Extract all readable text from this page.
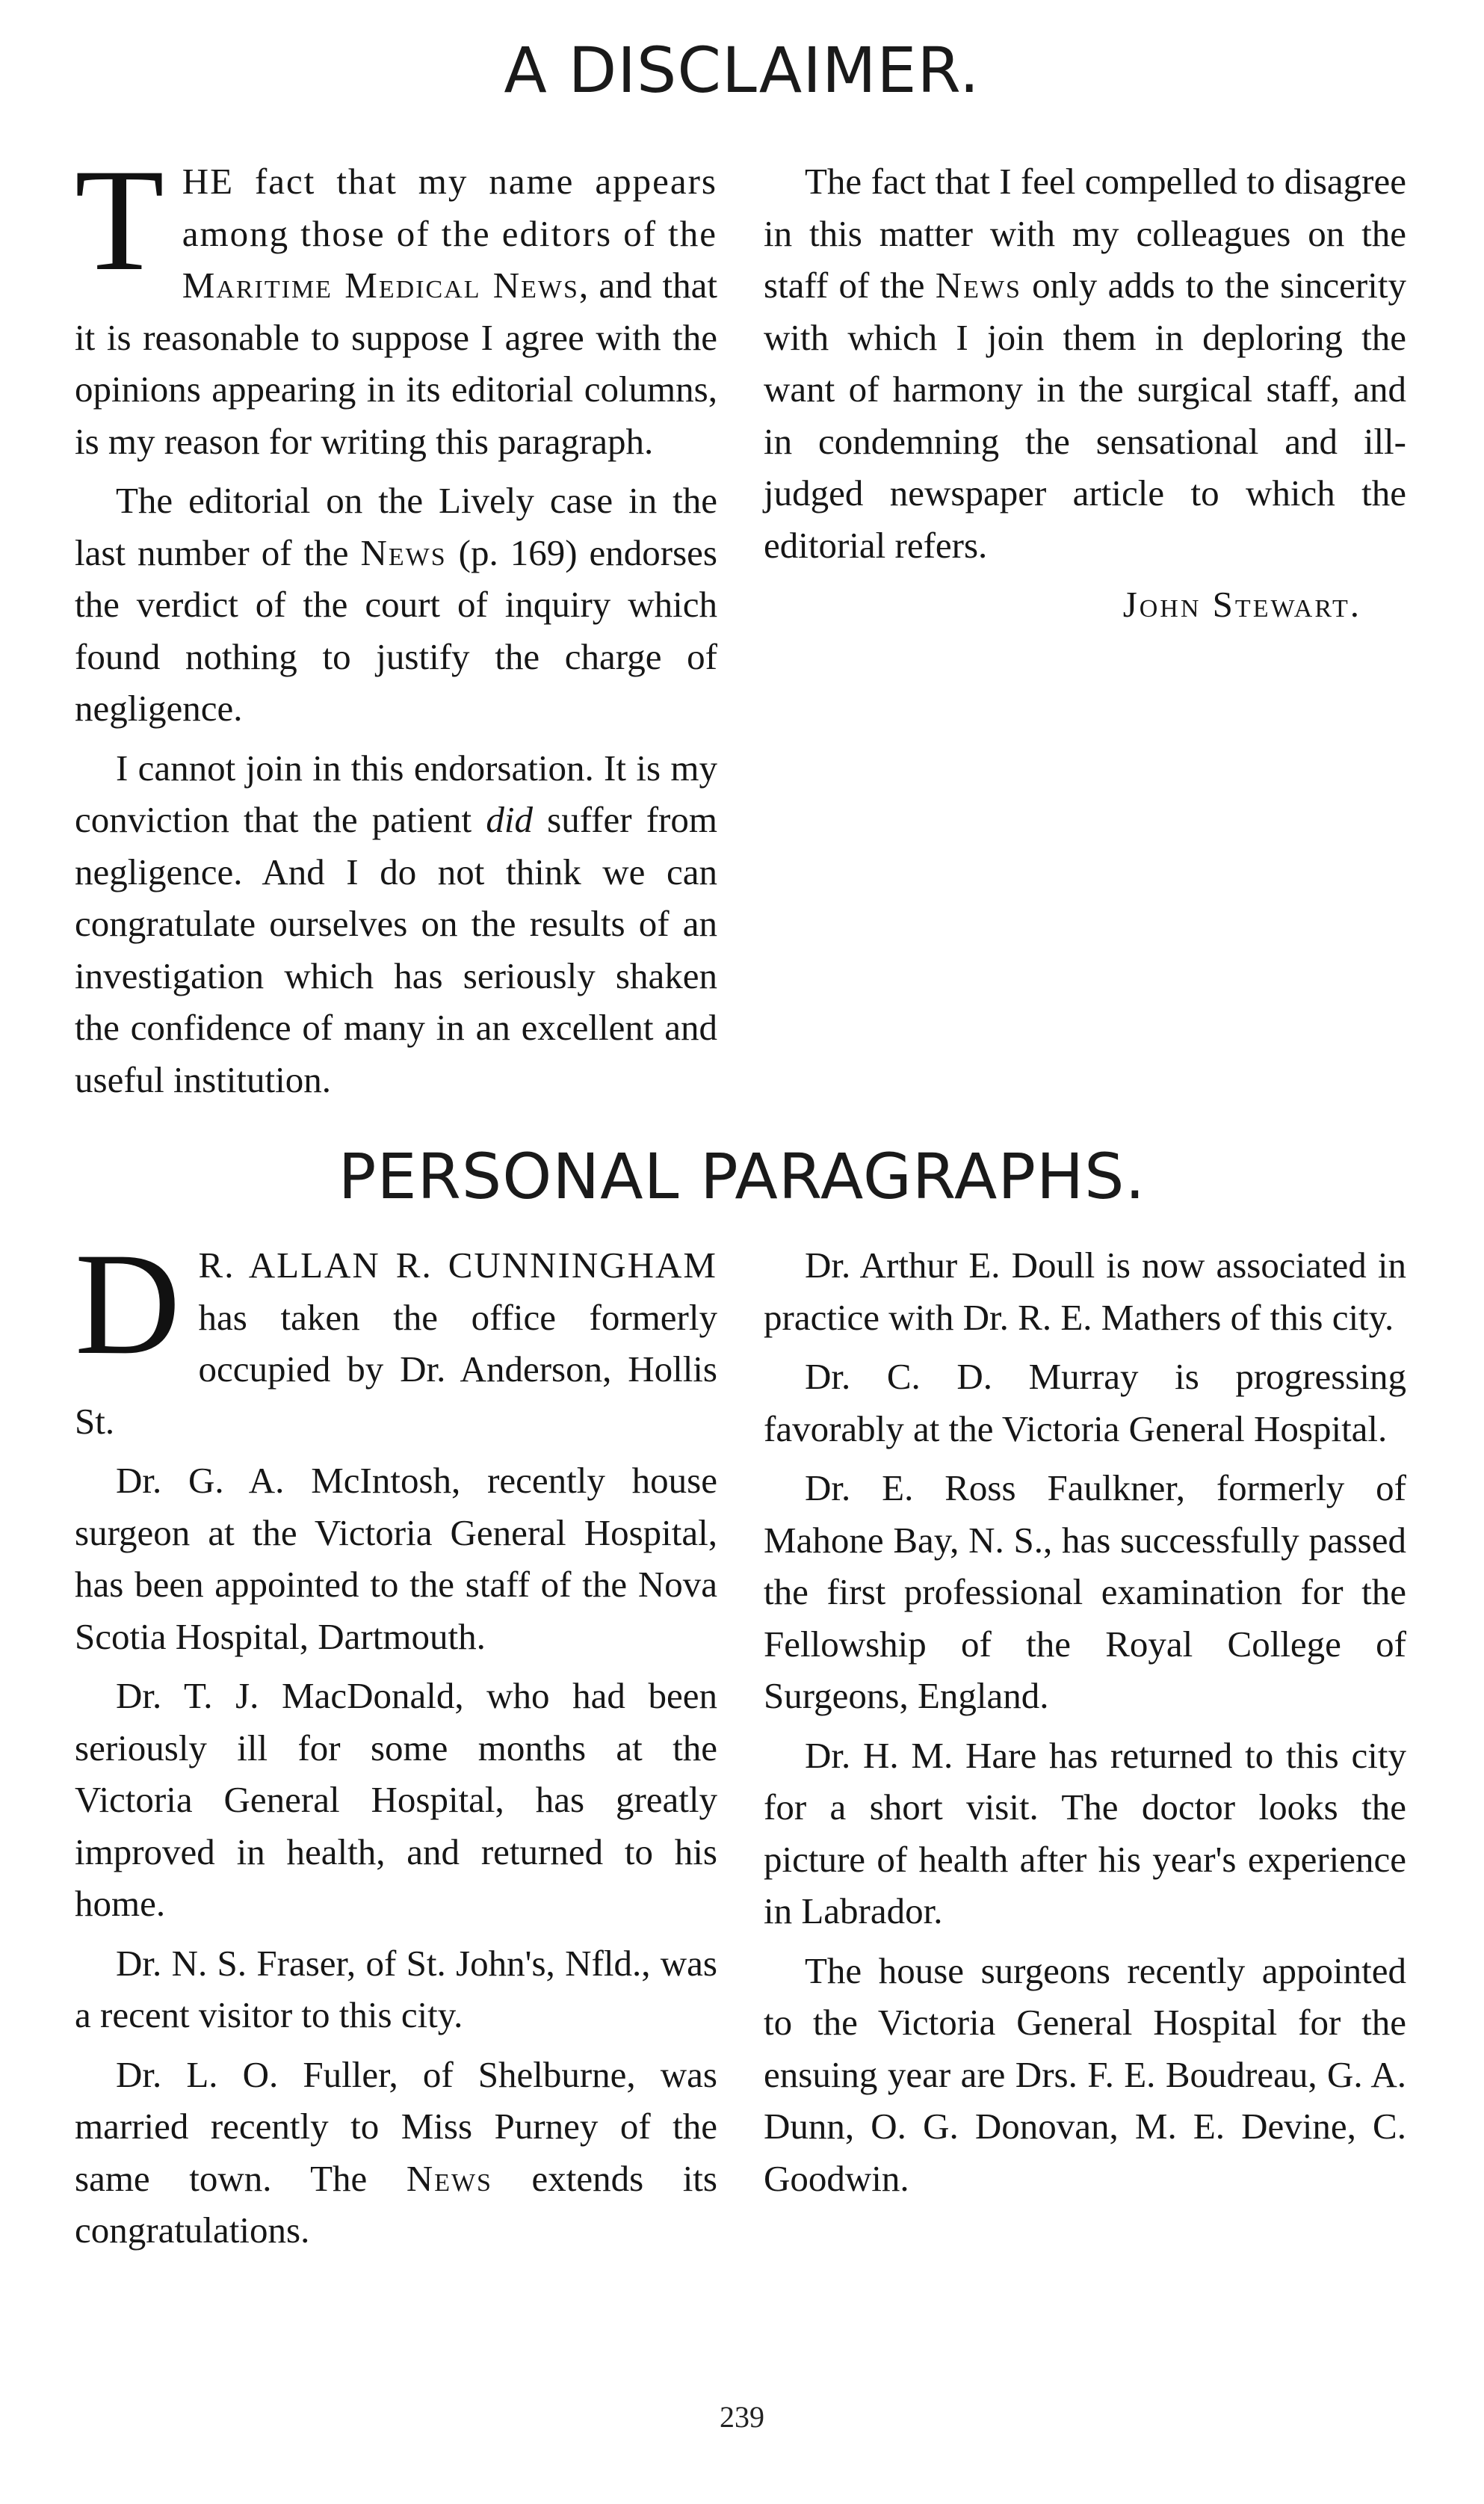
A DISCLAIMER.

THE fact that my name appears among those of the editors of the Maritime Medical News, and that it is reasonable to suppose I agree with the opinions appearing in its editorial columns, is my reason for writing this paragraph.

The editorial on the Lively case in the last number of the News (p. 169) endorses the verdict of the court of inquiry which found nothing to justify the charge of negligence.

I cannot join in this endorsation. It is my conviction that the patient did suffer from negligence. And I do not think we can congratulate ourselves on the results of an investigation which has seriously shaken the confidence of many in an excellent and useful institution.

The fact that I feel compelled to disagree in this matter with my colleagues on the staff of the News only adds to the sincerity with which I join them in deploring the want of harmony in the surgical staff, and in condemning the sensational and ill-judged newspaper article to which the editorial refers.

John Stewart.

PERSONAL PARAGRAPHS.

D R. ALLAN R. CUNNINGHAM has taken the office formerly occupied by Dr. Anderson, Hollis St.

Dr. G. A. McIntosh, recently house surgeon at the Victoria General Hospital, has been appointed to the staff of the Nova Scotia Hospital, Dartmouth.

Dr. T. J. MacDonald, who had been seriously ill for some months at the Victoria General Hospital, has greatly improved in health, and returned to his home.

Dr. N. S. Fraser, of St. John's, Nfld., was a recent visitor to this city.

Dr. L. O. Fuller, of Shelburne, was married recently to Miss Purney of the same town. The News extends its congratulations.

Dr. Arthur E. Doull is now associated in practice with Dr. R. E. Mathers of this city.

Dr. C. D. Murray is progressing favorably at the Victoria General Hospital.

Dr. E. Ross Faulkner, formerly of Mahone Bay, N. S., has successfully passed the first professional examination for the Fellowship of the Royal College of Surgeons, England.

Dr. H. M. Hare has returned to this city for a short visit. The doctor looks the picture of health after his year's experience in Labrador.

The house surgeons recently appointed to the Victoria General Hospital for the ensuing year are Drs. F. E. Boudreau, G. A. Dunn, O. G. Donovan, M. E. Devine, C. Goodwin.

239
